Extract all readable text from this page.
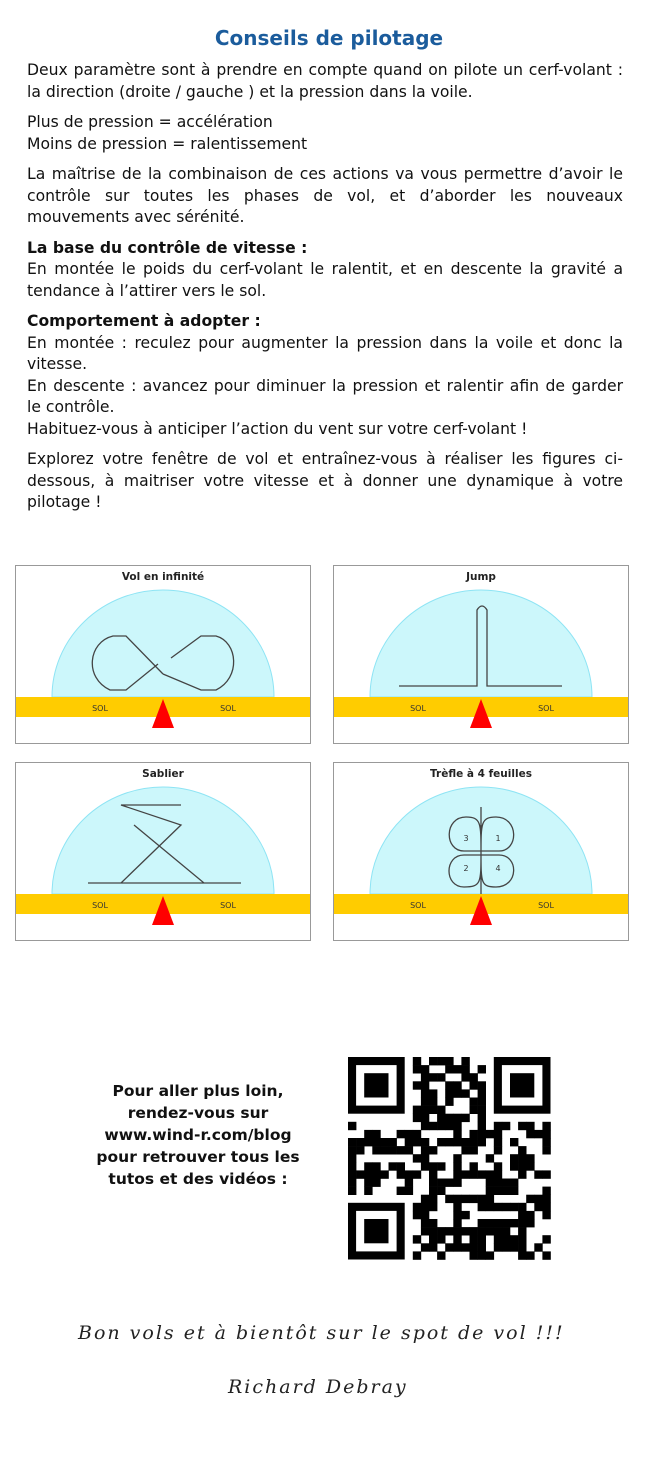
Conseils de pilotage

Deux paramètre sont à prendre en compte quand on pilote un cerf-volant : la direction (droite / gauche ) et la pression dans la voile.

Plus de pression = accélération
Moins de pression = ralentissement

La maîtrise de la combinaison de ces actions va vous permettre d’avoir le contrôle sur toutes les phases de vol, et d’aborder les nouveaux mouvements avec sérénité.

La base du contrôle de vitesse :
En montée le poids du cerf-volant le ralentit, et en descente la gravité a tendance à l’attirer vers le sol.

Comportement à adopter :
En montée : reculez pour augmenter la pression dans la voile et donc la vitesse.
En descente : avancez pour diminuer la pression et ralentir afin de garder le contrôle.
Habituez-vous à anticiper l’action du vent sur votre cerf-volant !

Explorez votre fenêtre de vol et entraînez-vous à réaliser les figures ci-dessous, à maitriser votre vitesse et à donner une dynamique à votre pilotage !

Vol en infinité
SOL	SOL
Jump
SOL	SOL
Sablier
SOL	SOL
Trèfle à 4 feuilles
3	1
2	4
SOL	SOL
Pour aller plus loin,
rendez-vous sur
www.wind-r.com/blog
pour retrouver tous les
tutos et des vidéos :
Bon vols et à bientôt sur le spot de vol !!!
Richard Debray
